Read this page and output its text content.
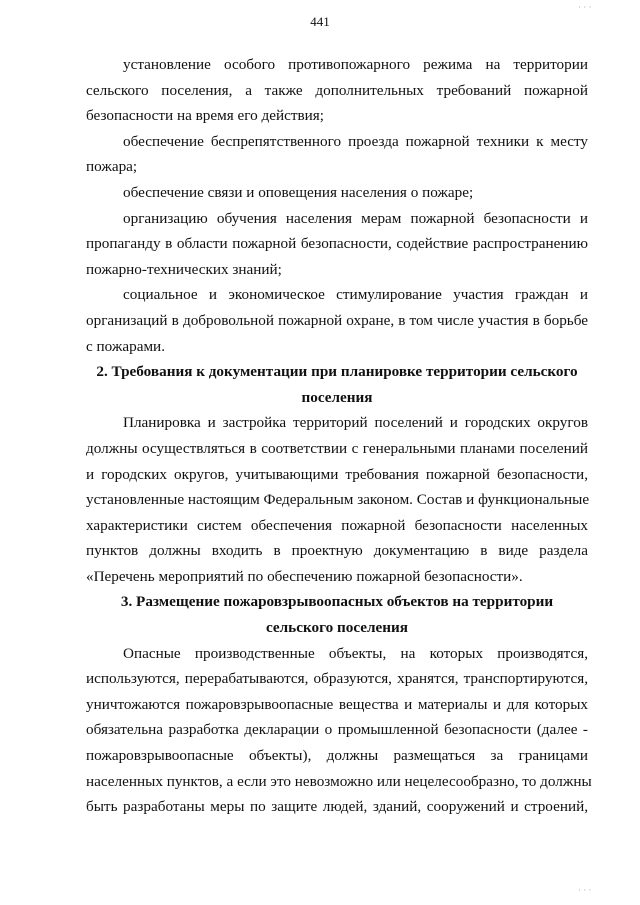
441
· · ·
· · ·
установление особого противопожарного режима на территории
сельского поселения, а также дополнительных требований пожарной
безопасности на время его действия;
обеспечение беспрепятственного проезда пожарной техники к месту
пожара;
обеспечение связи и оповещения населения о пожаре;
организацию обучения населения мерам пожарной безопасности и
пропаганду в области пожарной безопасности, содействие распространению
пожарно-технических знаний;
социальное и экономическое стимулирование участия граждан и
организаций в добровольной пожарной охране, в том числе участия в борьбе
с пожарами.
2. Требования к документации при планировке территории сельского
поселения
Планировка и застройка территорий поселений и городских округов
должны осуществляться в соответствии с генеральными планами поселений
и городских округов, учитывающими требования пожарной безопасности,
установленные настоящим Федеральным законом. Состав и функциональные
характеристики систем обеспечения пожарной безопасности населенных
пунктов должны входить в проектную документацию в виде раздела
«Перечень мероприятий по обеспечению пожарной безопасности».
3. Размещение пожаровзрывоопасных объектов на территории
сельского поселения
Опасные производственные объекты, на которых производятся,
используются, перерабатываются, образуются, хранятся, транспортируются,
уничтожаются пожаровзрывоопасные вещества и материалы и для которых
обязательна разработка декларации о промышленной безопасности (далее -
пожаровзрывоопасные объекты), должны размещаться за границами
населенных пунктов, а если это невозможно или нецелесообразно, то должны
быть разработаны меры по защите людей, зданий, сооружений и строений,
